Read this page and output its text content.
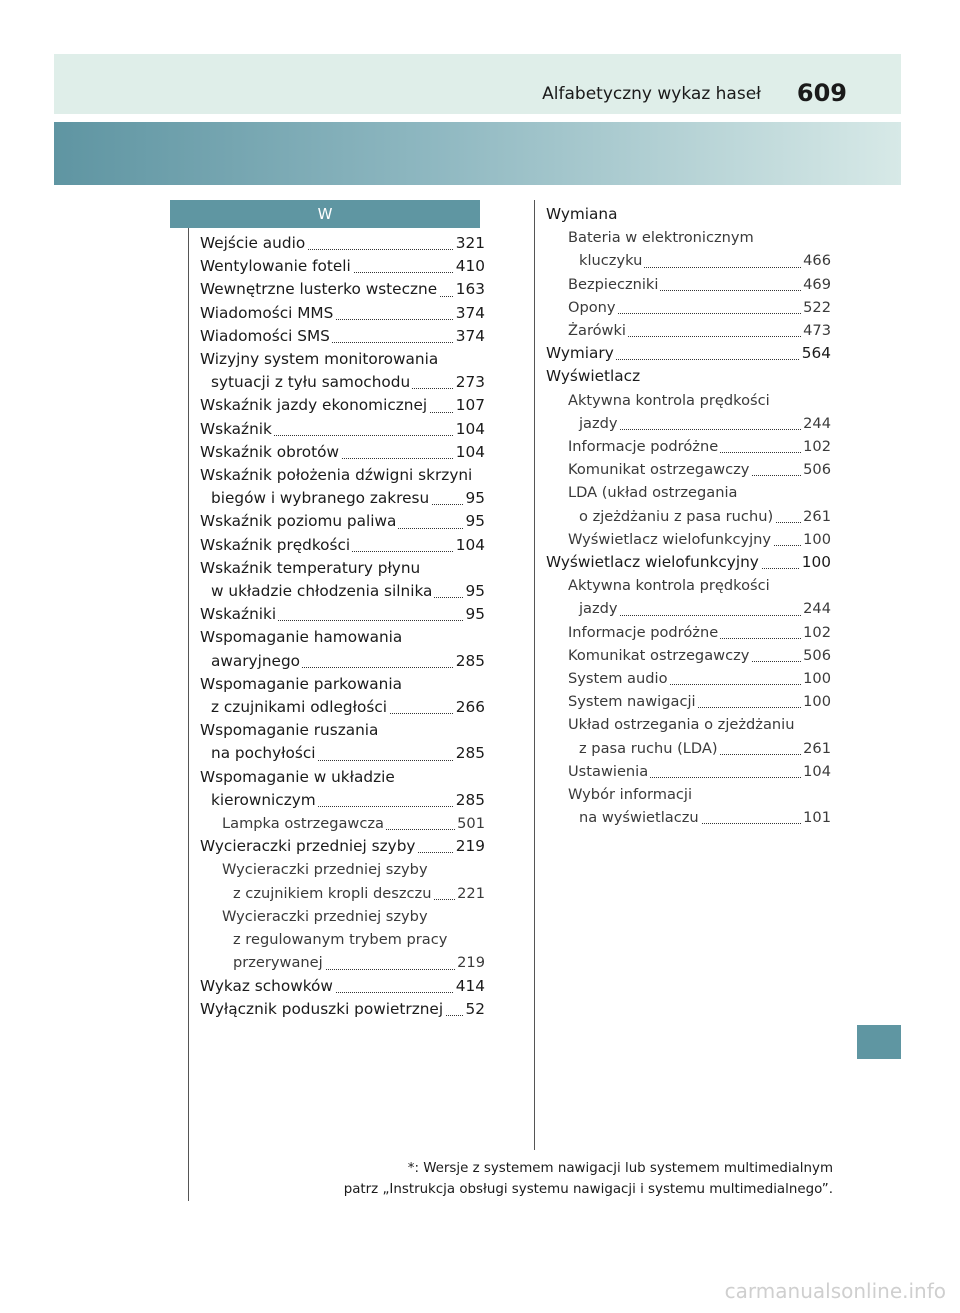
Alfabetyczny wykaz haseł 609
W
Wejście audio	321
Wentylowanie foteli	410
Wewnętrzne lusterko wsteczne 163
Wiadomości MMS	374
Wiadomości SMS	374
Wizyjny system monitorowania
sytuacji z tyłu samochodu	273
Wskaźnik jazdy ekonomicznej 107
Wskaźnik	104
Wskaźnik obrotów	104
Wskaźnik położenia dźwigni skrzyni
biegów i wybranego zakresu 95
Wskaźnik poziomu paliwa	95
Wskaźnik prędkości	104
Wskaźnik temperatury płynu
w układzie chłodzenia silnika 95
Wskaźniki	95
Wspomaganie hamowania
awaryjnego	285
Wspomaganie parkowania
z czujnikami odległości	266
Wspomaganie ruszania
na pochyłości	285
Wspomaganie w układzie
kierowniczym	285
Lampka ostrzegawcza	501
Wycieraczki przedniej szyby	219
Wycieraczki przedniej szyby
z czujnikiem kropli deszczu 221
Wycieraczki przedniej szyby
z regulowanym trybem pracy
przerywanej	219
Wykaz schowków	414
Wyłącznik poduszki powietrznej 52
Wymiana
Bateria w elektronicznym
kluczyku	466
Bezpieczniki	469
Opony	522
Żarówki	473
Wymiary	564
Wyświetlacz
Aktywna kontrola prędkości
jazdy	244
Informacje podróżne	102
Komunikat ostrzegawczy	506
LDA (układ ostrzegania
o zjeżdżaniu z pasa ruchu) 261
Wyświetlacz wielofunkcyjny 100
Wyświetlacz wielofunkcyjny	100
Aktywna kontrola prędkości
jazdy	244
Informacje podróżne	102
Komunikat ostrzegawczy	506
System audio	100
System nawigacji	100
Układ ostrzegania o zjeżdżaniu
z pasa ruchu (LDA)	261
Ustawienia	104
Wybór informacji
na wyświetlaczu	101
*: Wersje z systemem nawigacji lub systemem multimedialnym
patrz „Instrukcja obsługi systemu nawigacji i systemu multimedialnego”.
carmanualsonline.info
